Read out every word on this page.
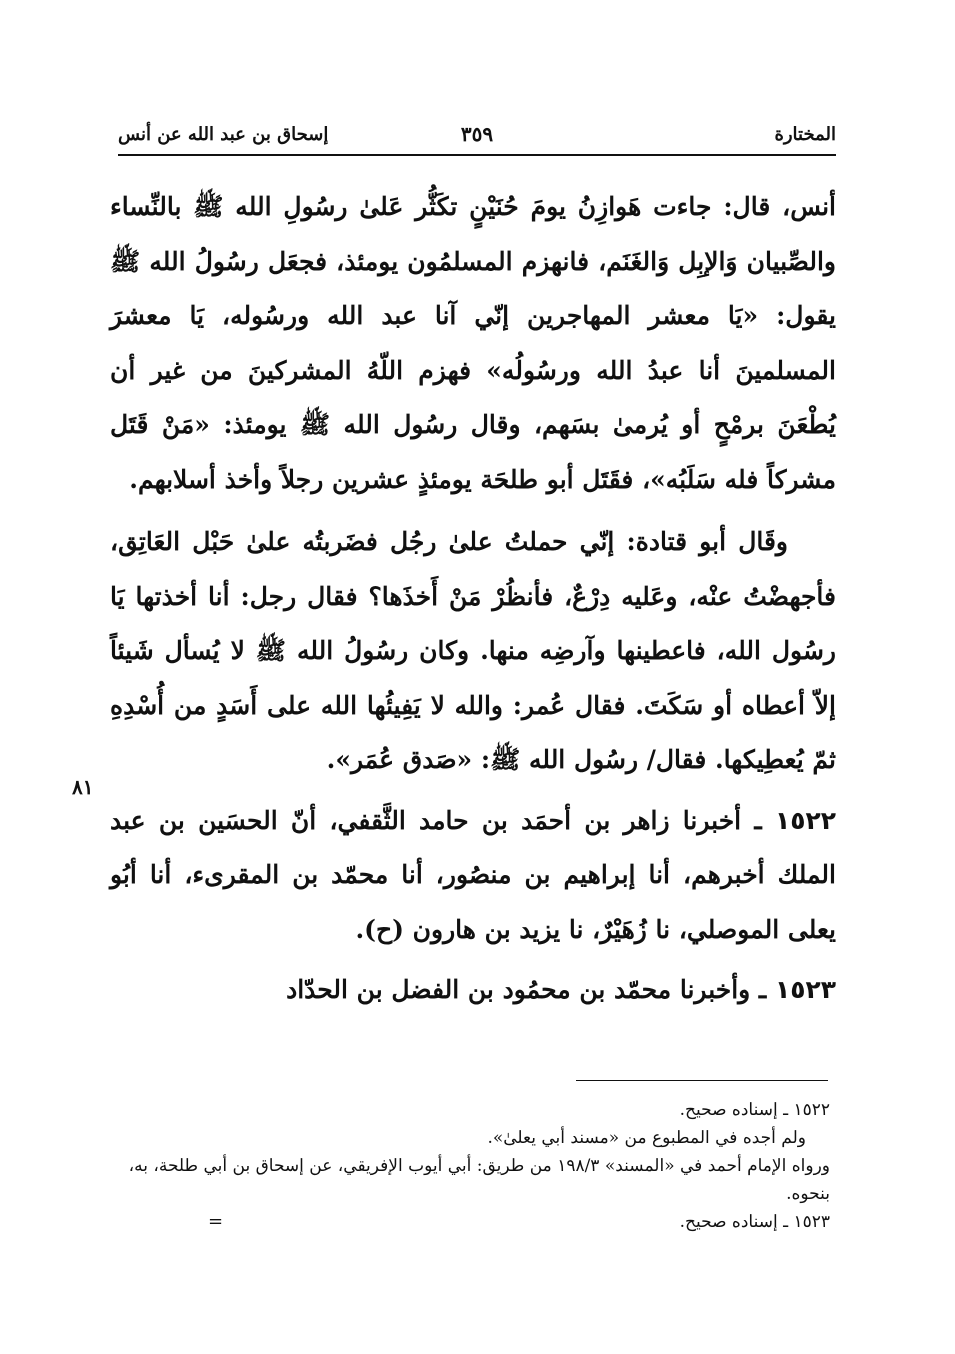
المختارة
٣٥٩
إسحاق بن عبد الله عن أنس

أنس، قال: جاءت هَوازِنُ يومَ حُنَيْنٍ تكَثُّر عَلىٰ رسُولِ الله ﷺ بالنِّساء والصِّبيان وَالإبِل وَالغَنَم، فانهزم المسلمُون يومئذ، فجعَل رسُولُ الله ﷺ يقول: «يَا معشر المهاجرين إنّي آنا عبد الله ورسُوله، يَا معشرَ المسلمينَ أنا عبدُ الله ورسُولُه» فهزم اللّهُ المشركينَ من غير أن يُطْعَنَ برمْحٍ أو يُرمىٰ بسَهم، وقال رسُول الله ﷺ يومئذ: «مَنْ قَتَل مشركاً فله سَلَبُه»، فقَتَل أبو طلحَة يومئذٍ عشرين رجلاً وأخذ أسلابهم.

وقَال أبو قتادة: إنّي حملتُ علىٰ رجُل فضَربتُه علىٰ حَبْل العَاتِق، فأجهضْتُ عنْه، وعَليه دِرْعٌ، فأنظُرْ مَنْ أَخذَها؟ فقال رجل: أنا أخذتها يَا رسُول الله، فاعطينها وآرضِه منها. وكان رسُولُ الله ﷺ لا يُسأل شَيئاً إلاّ أعطاه أو سَكَتَ. فقال عُمر: والله لا يَفِيئُها الله على أَسَدٍ من أُسْدِهِ ثمّ يُعطِيكها. فقال/ رسُول الله ﷺ: «صَدق عُمَر».

١٥٢٢ ـ أخبرنا زاهر بن أحمَد بن حامد الثَّقفي، أنّ الحسَين بن عبد الملك أخبرهم، أنا إبراهيم بن منصُور، أنا محمّد بن المقرىء، أنا أبُو يعلى الموصلي، نا زُهَيْرٌ، نا يزيد بن هارون (ح).

١٥٢٣ ـ وأخبرنا محمّد بن محمُود بن الفضل بن الحدّاد

٨١
١٥٢٢ ـ إسناده صحيح.
ولم أجده في المطبوع من «مسند أبي يعلىٰ».
ورواه الإمام أحمد في «المسند» ١٩٨/٣ من طريق: أبي أيوب الإفريقي، عن إسحاق بن أبي طلحة، به، بنحوه.
١٥٢٣ ـ إسناده صحيح.
=
